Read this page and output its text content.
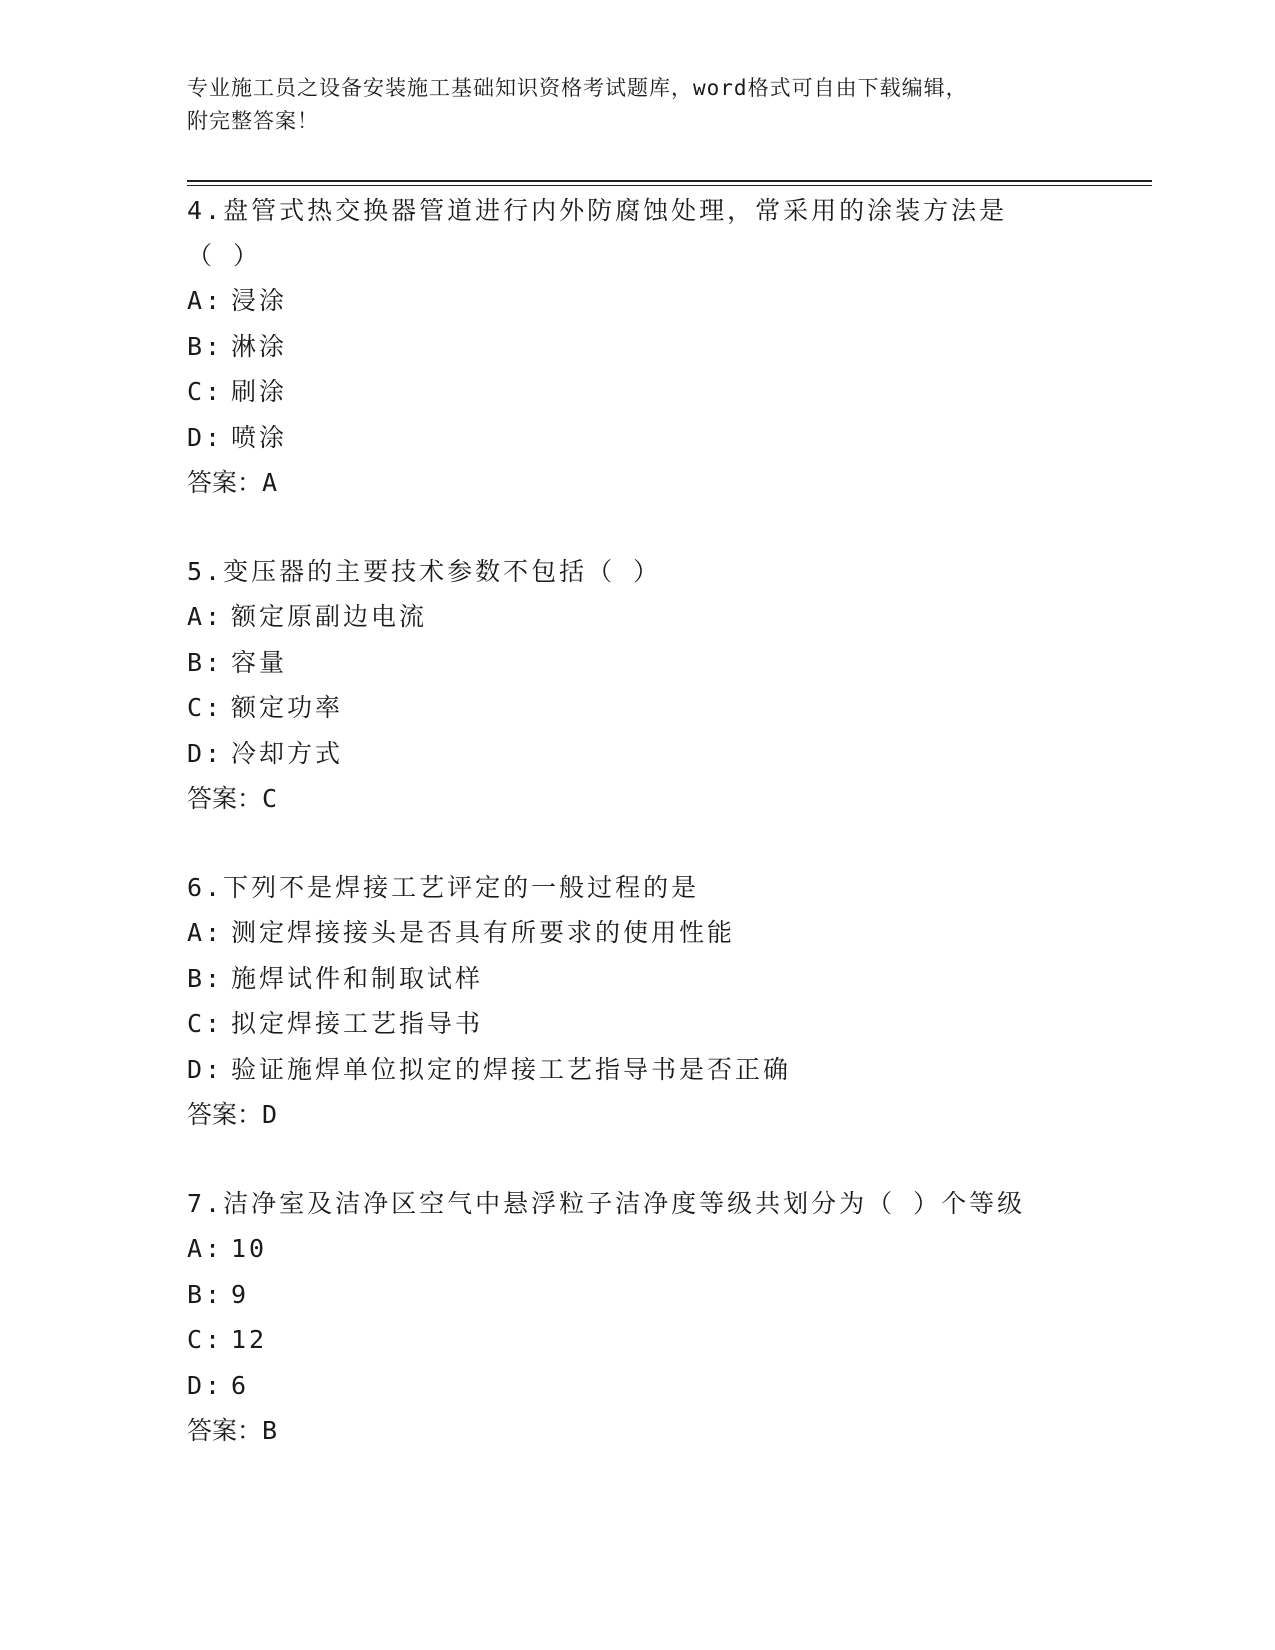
专业施工员之设备安装施工基础知识资格考试题库，word格式可自由下载编辑，
附完整答案！
4.盘管式热交换器管道进行内外防腐蚀处理，常采用的涂装方法是（ ）
A: 浸涂
B: 淋涂
C: 刷涂
D: 喷涂
答案：A
5.变压器的主要技术参数不包括（ ）
A: 额定原副边电流
B: 容量
C: 额定功率
D: 冷却方式
答案：C
6.下列不是焊接工艺评定的一般过程的是
A: 测定焊接接头是否具有所要求的使用性能
B: 施焊试件和制取试样
C: 拟定焊接工艺指导书
D: 验证施焊单位拟定的焊接工艺指导书是否正确
答案：D
7.洁净室及洁净区空气中悬浮粒子洁净度等级共划分为（ ）个等级
A: 10
B: 9
C: 12
D: 6
答案：B
